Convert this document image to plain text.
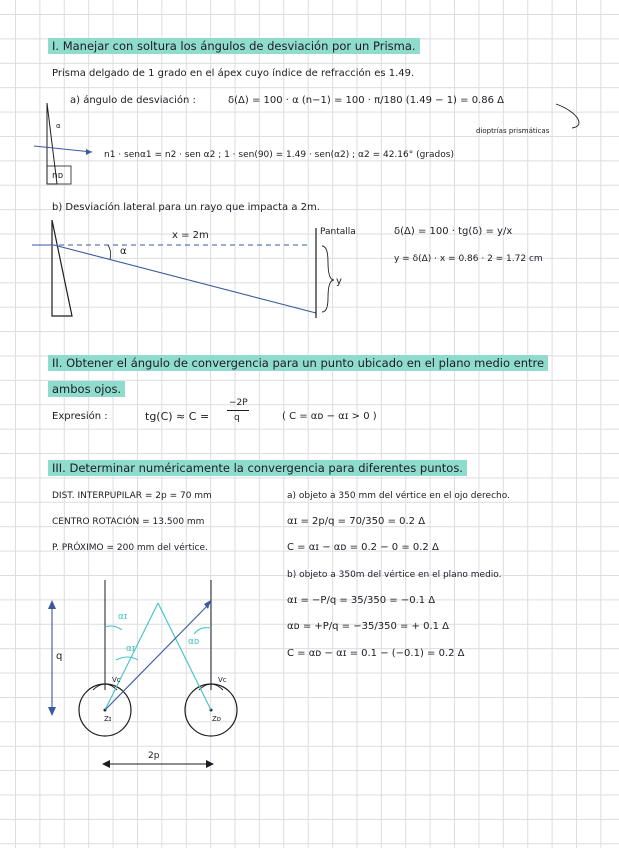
I. Manejar con soltura los ángulos de desviación por un Prisma.
Prisma delgado de 1 grado en el ápex cuyo índice de refracción es 1.49.
a) ángulo de desviación :	δ(Δ) = 100 · α (n−1) = 100 · π/180 (1.49 − 1) = 0.86 Δ
dioptrías prismáticas
n1 · senα1 = n2 · sen α2 ; 1 · sen(90) = 1.49 · sen(α2) ; α2 = 42.16° (grados)
α
nᴅ
b) Desviación lateral para un rayo que impacta a 2m.
x = 2m
α
Pantalla
y
δ(Δ) = 100 · tg(δ) = y/x
y = δ(Δ) · x = 0.86 · 2 = 1.72 cm
II. Obtener el ángulo de convergencia para un punto ubicado en el plano medio entre
ambos ojos.
Expresión :	tg(C) ≈ C =
−2P
q	( C = αᴅ − αɪ > 0 )
III. Determinar numéricamente la convergencia para diferentes puntos.
DIST. INTERPUPILAR = 2p = 70 mm
CENTRO ROTACIÓN = 13.500 mm
P. PRÓXIMO = 200 mm del vértice.
a) objeto a 350 mm del vértice en el ojo derecho.
αɪ = 2p/q = 70/350 = 0.2 Δ
C = αɪ − αᴅ = 0.2 − 0 = 0.2 Δ
b) objeto a 350m del vértice en el plano medio.
αɪ = −P/q = 35/350 = −0.1 Δ
αᴅ = +P/q = −35/350 = + 0.1 Δ
C = αᴅ − αɪ = 0.1 − (−0.1) = 0.2 Δ
q
αɪ
αɪ
αᴅ
Vc	Vc
Zɪ	Zᴅ
2p
